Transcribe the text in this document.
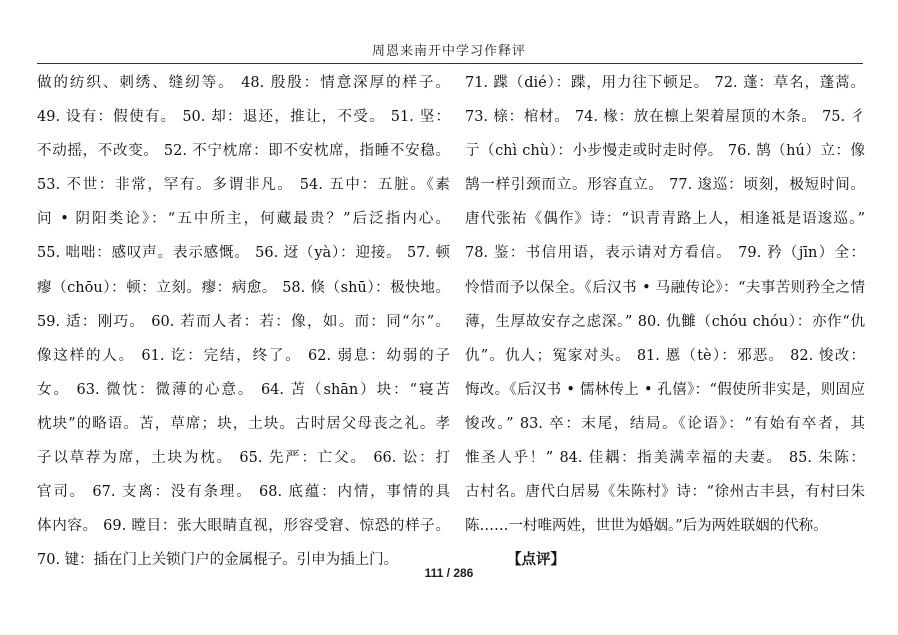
周恩来南开中学习作释评
做的纺织、刺绣、缝纫等。 48. 殷殷：情意深厚的样子。
49. 设有：假使有。 50. 却：退还，推让，不受。 51. 坚：
不动摇，不改变。 52. 不宁枕席：即不安枕席，指睡不安稳。
53. 不世：非常，罕有。多谓非凡。 54. 五中：五脏。《素
问 • 阴阳类论》：“五中所主，何藏最贵？”后泛指内心。
55. 咄咄：感叹声。表示感慨。 56. 迓（yà）：迎接。 57. 顿
瘳（chōu）：顿：立刻。瘳：病愈。 58. 倏（shū）：极快地。
59. 适：刚巧。 60. 若而人者：若：像，如。而：同“尔”。
像这样的人。 61. 讫：完结，终了。 62. 弱息：幼弱的子
女。 63. 微忱：微薄的心意。 64. 苫（shān）块：“寝苫
枕块”的略语。苫，草席；块，土块。古时居父母丧之礼。孝
子以草荐为席，土块为枕。 65. 先严：亡父。 66. 讼：打
官司。 67. 支离：没有条理。 68. 底蕴：内情，事情的具
体内容。 69. 瞠目：张大眼睛直视，形容受窘、惊恐的样子。
70. 键：插在门上关锁门户的金属棍子。引申为插上门。
71. 蹀（dié）：蹀，用力往下顿足。 72. 蓬：草名，蓬蒿。
73. 榇：棺材。 74. 椽：放在檩上架着屋顶的木条。 75. 彳
亍（chì chù）：小步慢走或时走时停。 76. 鹄（hú）立：像
鹄一样引颈而立。形容直立。 77. 逡巡：顷刻，极短时间。
唐代张祐《偶作》诗：“识青青路上人，相逢祗是语逡巡。”
78. 鉴：书信用语，表示请对方看信。 79. 矜（jīn）全：
怜惜而予以保全。《后汉书 • 马融传论》：“夫事苦则矜全之情
薄，生厚故安存之虑深。” 80. 仇雠（chóu chóu）：亦作“仇
仇”。仇人；冤家对头。 81. 慝（tè）：邪恶。 82. 悛改：
悔改。《后汉书 • 儒林传上 • 孔僖》：“假使所非实是，则固应
悛改。” 83. 卒：末尾，结局。《论语》：“有始有卒者，其
惟圣人乎！” 84. 佳耦：指美满幸福的夫妻。 85. 朱陈：
古村名。唐代白居易《朱陈村》诗：“徐州古丰县，有村曰朱
陈……一村唯两姓，世世为婚姻。”后为两姓联姻的代称。
【点评】
111 / 286
